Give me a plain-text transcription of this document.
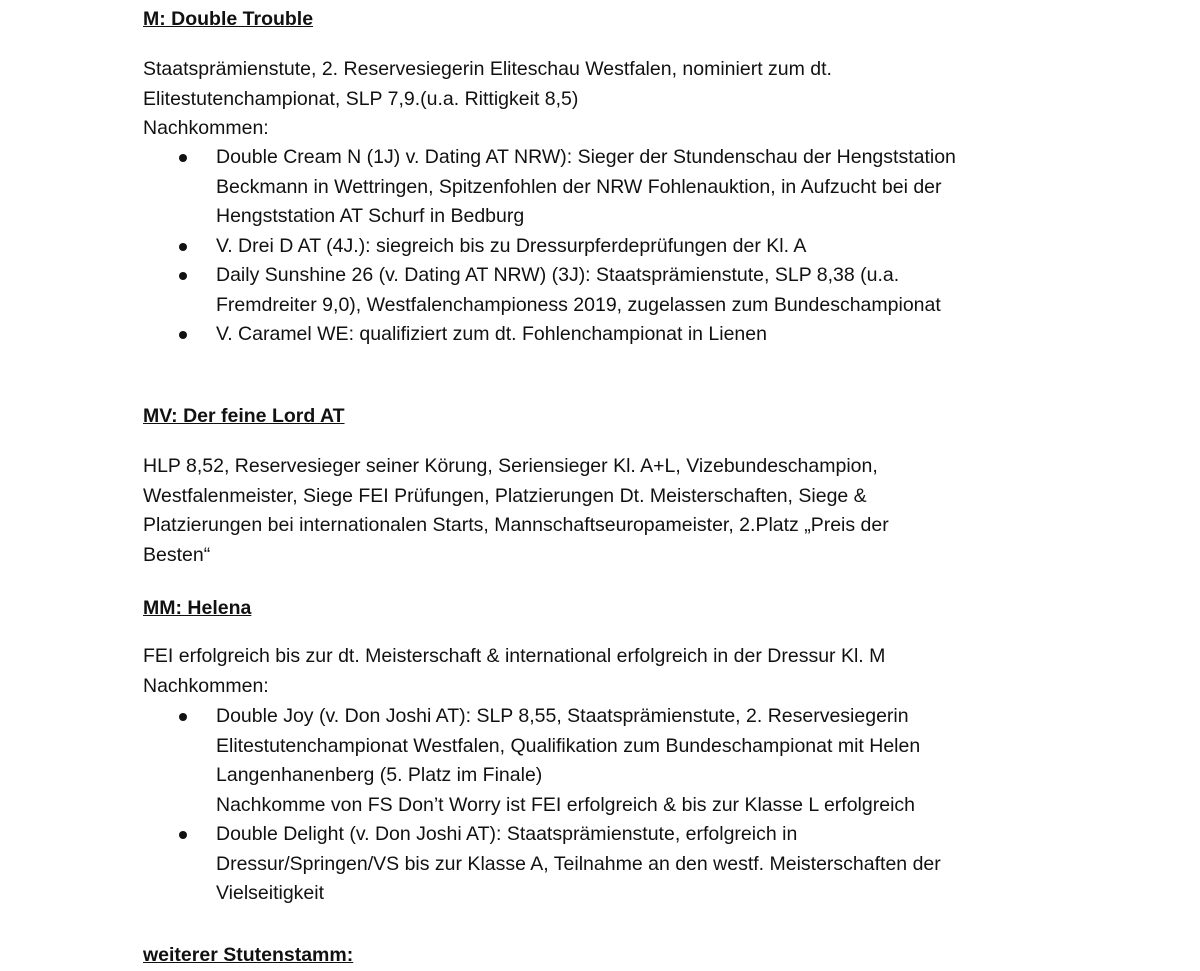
M: Double Trouble

Staatsprämienstute, 2. Reservesiegerin Eliteschau Westfalen, nominiert zum dt.
Elitestutenchampionat, SLP 7,9.(u.a. Rittigkeit 8,5)
Nachkommen:
Double Cream N (1J) v. Dating AT NRW): Sieger der Stundenschau der Hengststation
Beckmann in Wettringen, Spitzenfohlen der NRW Fohlenauktion, in Aufzucht bei der
Hengststation AT Schurf in Bedburg
V. Drei D AT (4J.): siegreich bis zu Dressurpferdeprüfungen der Kl. A
Daily Sunshine 26 (v. Dating AT NRW) (3J): Staatsprämienstute, SLP 8,38 (u.a.
Fremdreiter 9,0), Westfalenchampioness 2019, zugelassen zum Bundeschampionat
V. Caramel WE: qualifiziert zum dt. Fohlenchampionat in Lienen

MV: Der feine Lord AT

HLP 8,52, Reservesieger seiner Körung, Seriensieger Kl. A+L, Vizebundeschampion,
Westfalenmeister, Siege FEI Prüfungen, Platzierungen Dt. Meisterschaften, Siege &
Platzierungen bei internationalen Starts, Mannschaftseuropameister, 2.Platz „Preis der
Besten“

MM: Helena

FEI erfolgreich bis zur dt. Meisterschaft & international erfolgreich in der Dressur Kl. M
Nachkommen:
Double Joy (v. Don Joshi AT): SLP 8,55, Staatsprämienstute, 2. Reservesiegerin
Elitestutenchampionat Westfalen, Qualifikation zum Bundeschampionat mit Helen
Langenhanenberg (5. Platz im Finale)
Nachkomme von FS Don’t Worry ist FEI erfolgreich & bis zur Klasse L erfolgreich
Double Delight (v. Don Joshi AT): Staatsprämienstute, erfolgreich in
Dressur/Springen/VS bis zur Klasse A, Teilnahme an den westf. Meisterschaften der
Vielseitigkeit

weiterer Stutenstamm:
